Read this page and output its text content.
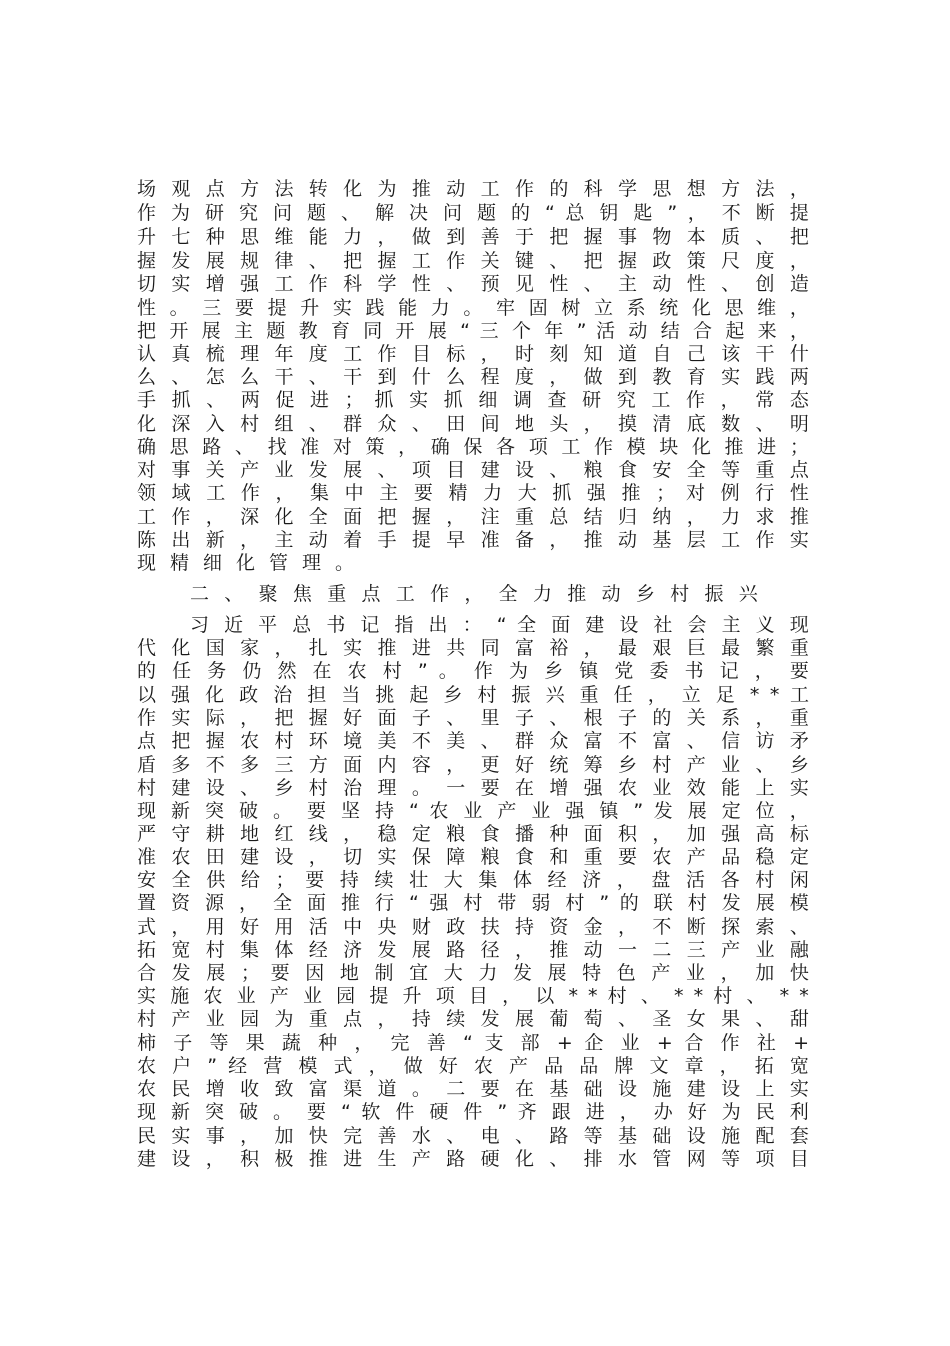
场 观 点 方 法 转 化 为 推 动 工 作 的 科 学 思 想 方 法 ，
作 为 研 究 问 题 、 解 决 问 题 的 “ 总 钥 匙 ” ， 不 断 提
升 七 种 思 维 能 力 ， 做 到 善 于 把 握 事 物 本 质 、 把
握 发 展 规 律 、 把 握 工 作 关 键 、 把 握 政 策 尺 度 ，
切 实 增 强 工 作 科 学 性 、 预 见 性 、 主 动 性 、 创 造
性 。 三 要 提 升 实 践 能 力 。 牢 固 树 立 系 统 化 思 维 ，
把 开 展 主 题 教 育 同 开 展 “ 三 个 年 ” 活 动 结 合 起 来 ，
认 真 梳 理 年 度 工 作 目 标 ， 时 刻 知 道 自 己 该 干 什
么 、 怎 么 干 、 干 到 什 么 程 度 ， 做 到 教 育 实 践 两
手 抓 、 两 促 进 ； 抓 实 抓 细 调 查 研 究 工 作 ， 常 态
化 深 入 村 组 、 群 众 、 田 间 地 头 ， 摸 清 底 数 、 明
确 思 路 、 找 准 对 策 ， 确 保 各 项 工 作 模 块 化 推 进 ；
对 事 关 产 业 发 展 、 项 目 建 设 、 粮 食 安 全 等 重 点
领 域 工 作 ， 集 中 主 要 精 力 大 抓 强 推 ； 对 例 行 性
工 作 ， 深 化 全 面 把 握 ， 注 重 总 结 归 纳 ， 力 求 推
陈 出 新 ， 主 动 着 手 提 早 准 备 ， 推 动 基 层 工 作 实
现精细化管理。
二 、 聚 焦 重 点 工 作 ， 全 力 推 动 乡 村 振 兴
习 近 平 总 书 记 指 出 ： “ 全 面 建 设 社 会 主 义 现
代 化 国 家 ， 扎 实 推 进 共 同 富 裕 ， 最 艰 巨 最 繁 重
的 任 务 仍 然 在 农 村 ” 。 作 为 乡 镇 党 委 书 记 ， 要
以 强 化 政 治 担 当 挑 起 乡 村 振 兴 重 任 ， 立 足 * * 工
作 实 际 ， 把 握 好 面 子 、 里 子 、 根 子 的 关 系 ， 重
点 把 握 农 村 环 境 美 不 美 、 群 众 富 不 富 、 信 访 矛
盾 多 不 多 三 方 面 内 容 ， 更 好 统 筹 乡 村 产 业 、 乡
村 建 设 、 乡 村 治 理 。 一 要 在 增 强 农 业 效 能 上 实
现 新 突 破 。 要 坚 持 “ 农 业 产 业 强 镇 ” 发 展 定 位 ，
严 守 耕 地 红 线 ， 稳 定 粮 食 播 种 面 积 ， 加 强 高 标
准 农 田 建 设 ， 切 实 保 障 粮 食 和 重 要 农 产 品 稳 定
安 全 供 给 ； 要 持 续 壮 大 集 体 经 济 ， 盘 活 各 村 闲
置 资 源 ， 全 面 推 行 “ 强 村 带 弱 村 ” 的 联 村 发 展 模
式 ， 用 好 用 活 中 央 财 政 扶 持 资 金 ， 不 断 探 索 、
拓 宽 村 集 体 经 济 发 展 路 径 ， 推 动 一 二 三 产 业 融
合 发 展 ； 要 因 地 制 宜 大 力 发 展 特 色 产 业 ， 加 快
实 施 农 业 产 业 园 提 升 项 目 ， 以 * * 村 、 * * 村 、 * *
村 产 业 园 为 重 点 ， 持 续 发 展 葡 萄 、 圣 女 果 、 甜
柿 子 等 果 蔬 种 ， 完 善 “ 支 部 + 企 业 + 合 作 社 +
农 户 ” 经 营 模 式 ， 做 好 农 产 品 品 牌 文 章 ， 拓 宽
农 民 增 收 致 富 渠 道 。 二 要 在 基 础 设 施 建 设 上 实
现 新 突 破 。 要 “ 软 件 硬 件 ” 齐 跟 进 ， 办 好 为 民 利
民 实 事 ， 加 快 完 善 水 、 电 、 路 等 基 础 设 施 配 套
建 设 ， 积 极 推 进 生 产 路 硬 化 、 排 水 管 网 等 项 目
